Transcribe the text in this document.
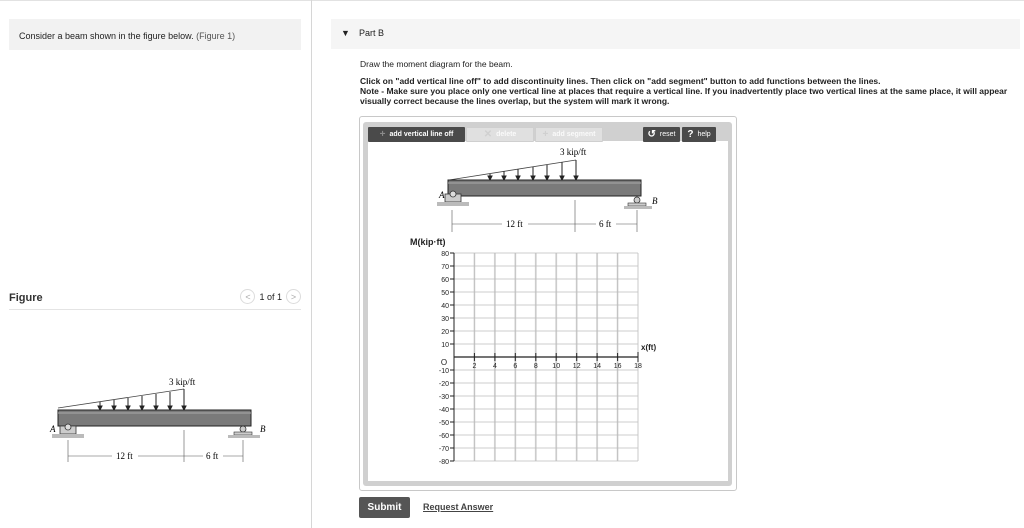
Consider a beam shown in the figure below. (Figure 1)
Figure	< 1 of 1 >
3 kip/ft
A	B
12 ft	6 ft
▼ Part B
Draw the moment diagram for the beam.
Click on "add vertical line off" to add discontinuity lines. Then click on "add segment" button to add functions between the lines.
Note - Make sure you place only one vertical line at places that require a vertical line. If you inadvertently place two vertical lines at the same place, it will appear visually correct because the lines overlap, but the system will mark it wrong.
+ add vertical line off	✕ delete	+ add segment	↺ reset ? help
3 kip/ft
A
B
12 ft	6 ft
M(kip·ft)
80
70
60
50
40
30
20
10
-10
-20
-30
-40
-50
-60
-70
-80
O	2 4 6 8 10 12 14 16 18
x(ft)
Submit	Request Answer
